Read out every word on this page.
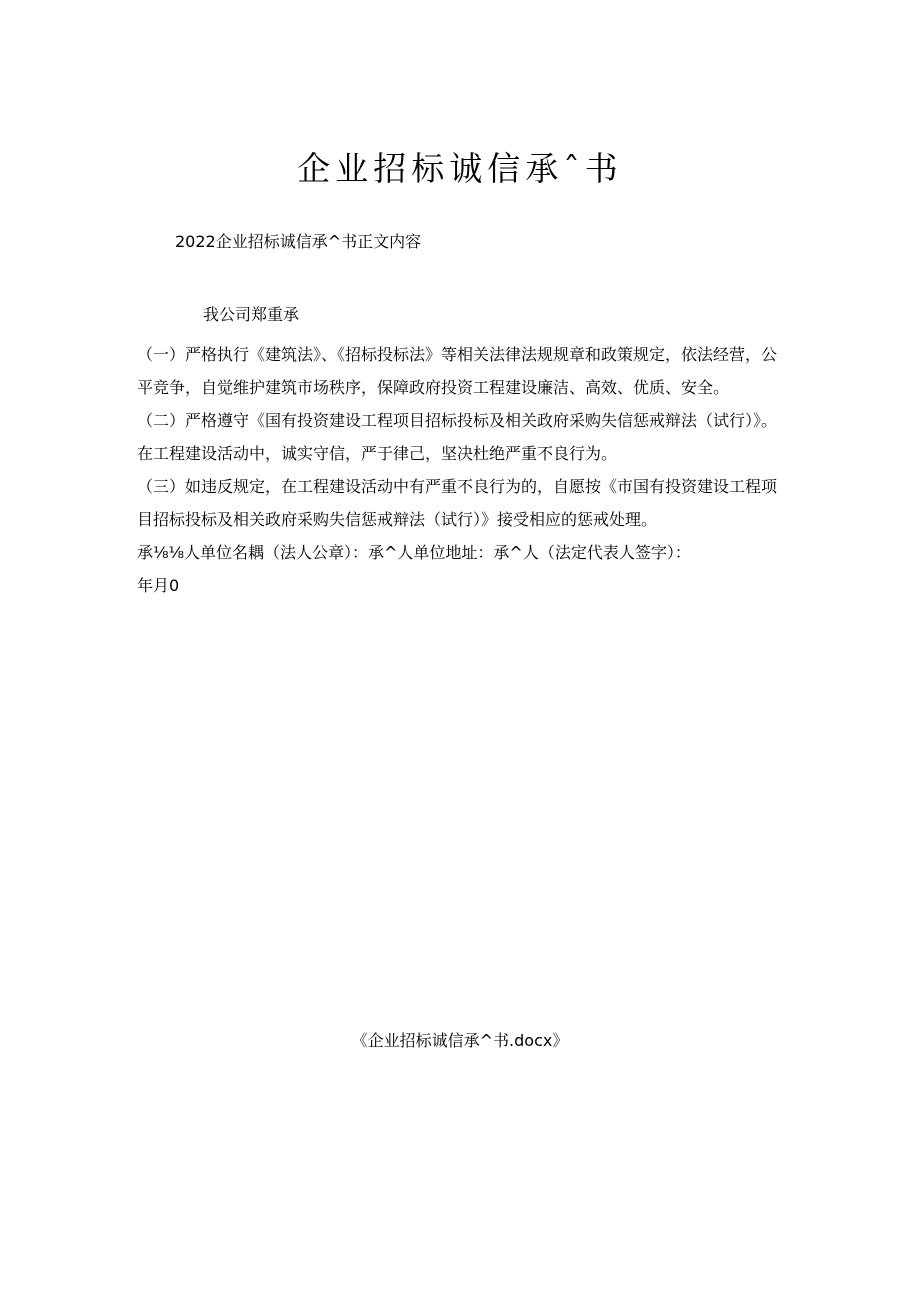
企业招标诚信承ˆ书
2022企业招标诚信承^书正文内容
我公司郑重承

（一）严格执行《建筑法》、《招标投标法》等相关法律法规规章和政策规定，依法经营，公平竞争，自觉维护建筑市场秩序，保障政府投资工程建设廉洁、高效、优质、安全。

（二）严格遵守《国有投资建设工程项目招标投标及相关政府采购失信惩戒辩法（试行）》。

在工程建设活动中，诚实守信，严于律己，坚决杜绝严重不良行为。

（三）如违反规定，在工程建设活动中有严重不良行为的，自愿按《市国有投资建设工程项目招标投标及相关政府采购失信惩戒辩法（试行）》接受相应的惩戒处理。

承⅛⅛人单位名耦（法人公章）：承^人单位地址：承^人（法定代表人签字）：

年月0

《企业招标诚信承^书.docx》
